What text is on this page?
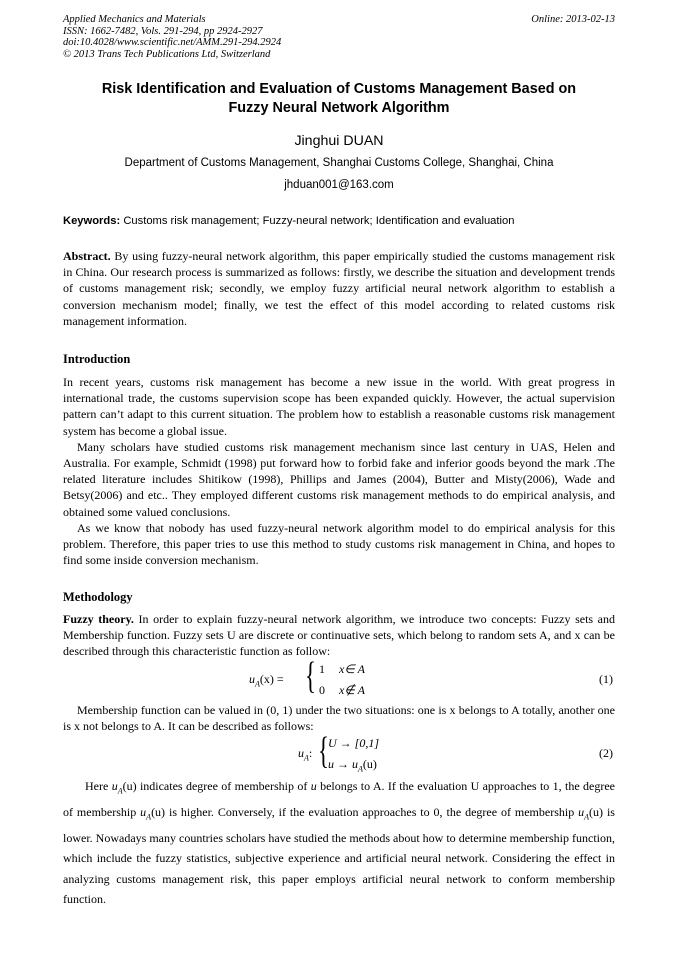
Applied Mechanics and Materials
ISSN: 1662-7482, Vols. 291-294, pp 2924-2927
doi:10.4028/www.scientific.net/AMM.291-294.2924
© 2013 Trans Tech Publications Ltd, Switzerland
Online: 2013-02-13
Risk Identification and Evaluation of Customs Management Based on
Fuzzy Neural Network Algorithm
Jinghui DUAN
Department of Customs Management, Shanghai Customs College, Shanghai, China
jhduan001@163.com
Keywords: Customs risk management; Fuzzy-neural network; Identification and evaluation

Abstract. By using fuzzy-neural network algorithm, this paper empirically studied the customs management risk in China. Our research process is summarized as follows: firstly, we describe the situation and development trends of customs management risk; secondly, we employ fuzzy artificial neural network algorithm to establish a conversion mechanism model; finally, we test the effect of this model according to related customs risk management information.

Introduction

In recent years, customs risk management has become a new issue in the world. With great progress in international trade, the customs supervision scope has been expanded quickly. However, the actual supervision pattern can’t adapt to this current situation. The problem how to establish a reasonable customs risk management system has become a global issue.

Many scholars have studied customs risk management mechanism since last century in UAS, Helen and Australia. For example, Schmidt (1998) put forward how to forbid fake and inferior goods beyond the mark .The related literature includes Shitikow (1998), Phillips and James (2004), Butter and Misty(2006), Wade and Betsy(2006) and etc.. They employed different customs risk management methods to do empirical analysis, and obtained some valued conclusions.

As we know that nobody has used fuzzy-neural network algorithm model to do empirical analysis for this problem. Therefore, this paper tries to use this method to study customs risk management in China, and hopes to find some inside conversion mechanism.

Methodology

Fuzzy theory. In order to explain fuzzy-neural network algorithm, we introduce two concepts: Fuzzy sets and Membership function. Fuzzy sets U are discrete or continuative sets, which belong to random sets A, and x can be described through this characteristic function as follow:

$u_A(x)$ = { 1 x∈ A
0 x∉ A
(1)

Membership function can be valued in (0, 1) under the two situations: one is x belongs to A totally, another one is x not belongs to A. It can be described as follows:

$u_A$: { U → [0,1]
$u \to u_A(u)$
(2)

Here $u_A(u)$ indicates degree of membership of u belongs to A. If the evaluation U approaches to 1, the degree of membership $u_A(u)$ is higher. Conversely, if the evaluation approaches to 0, the degree of membership $u_A(u)$ is lower. Nowadays many countries scholars have studied the methods about how to determine membership function, which include the fuzzy statistics, subjective experience and artificial neural network. Considering the effect in analyzing customs management risk, this paper employs artificial neural network to conform membership function.
